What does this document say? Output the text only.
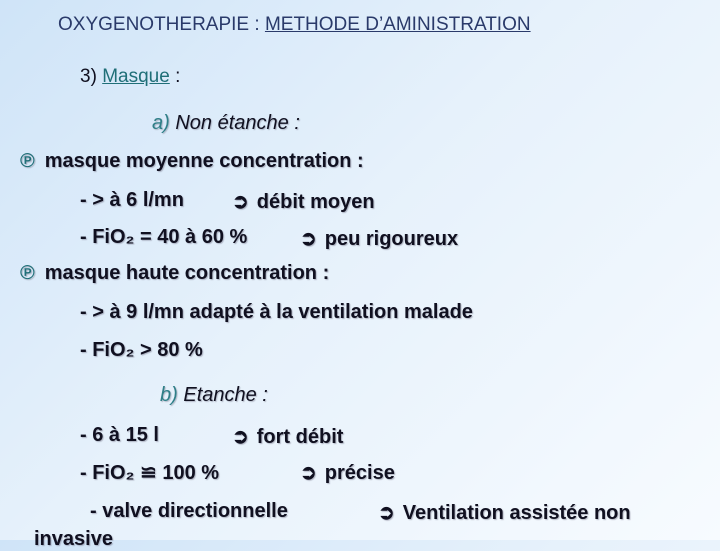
OXYGENOTHERAPIE : METHODE D’AMINISTRATION
3) Masque :
a) Non étanche :
℗ masque moyenne concentration :
- > à 6 l/mn ➲ débit moyen
- FiO₂ = 40 à 60 %	➲ peu rigoureux
℗ masque haute concentration :
- > à 9 l/mn adapté à la ventilation malade
- FiO₂ > 80 %
b) Etanche :
- 6 à 15 l	➲ fort débit
- FiO₂ ≌ 100 %	➲ précise
- valve directionnelle	➲ Ventilation assistée non
invasive
